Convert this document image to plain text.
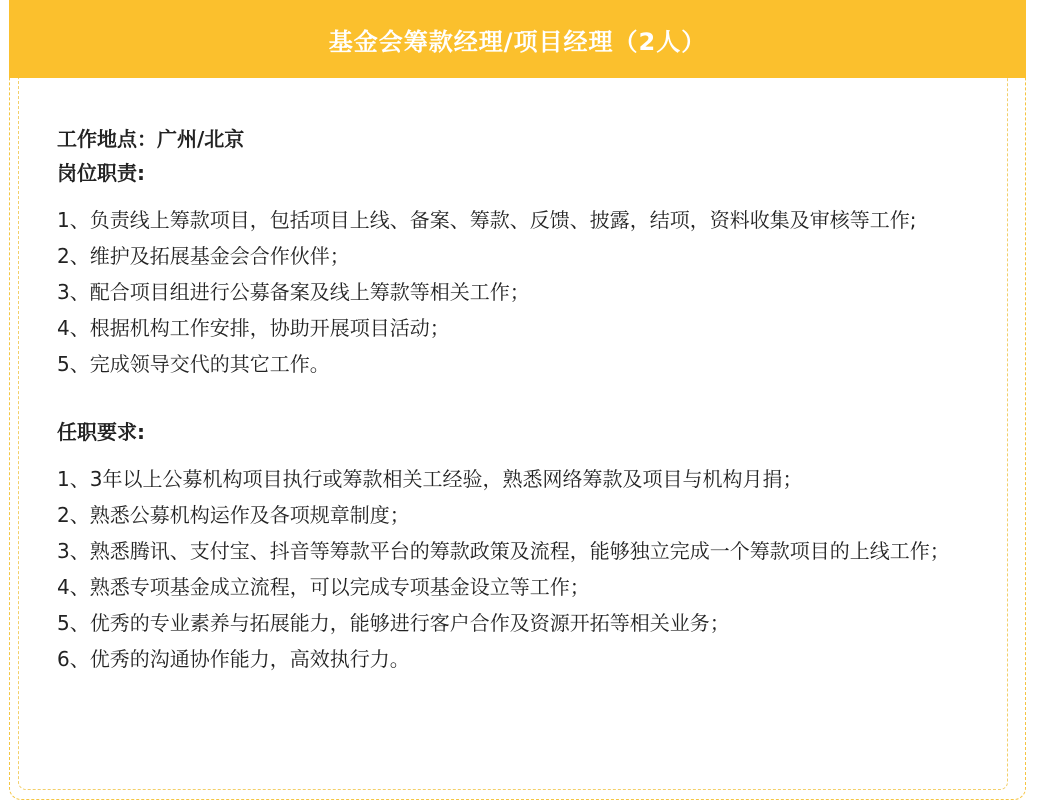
基金会筹款经理/项目经理（2人）
工作地点：广州/北京
岗位职责:
1、负责线上筹款项目，包括项目上线、备案、筹款、反馈、披露，结项，资料收集及审核等工作;
2、维护及拓展基金会合作伙伴；
3、配合项目组进行公募备案及线上筹款等相关工作；
4、根据机构工作安排，协助开展项目活动；
5、完成领导交代的其它工作。
任职要求:
1、3年以上公募机构项目执行或筹款相关工经验，熟悉网络筹款及项目与机构月捐；
2、熟悉公募机构运作及各项规章制度；
3、熟悉腾讯、支付宝、抖音等筹款平台的筹款政策及流程，能够独立完成一个筹款项目的上线工作；
4、熟悉专项基金成立流程，可以完成专项基金设立等工作；
5、优秀的专业素养与拓展能力，能够进行客户合作及资源开拓等相关业务；
6、优秀的沟通协作能力，高效执行力。
